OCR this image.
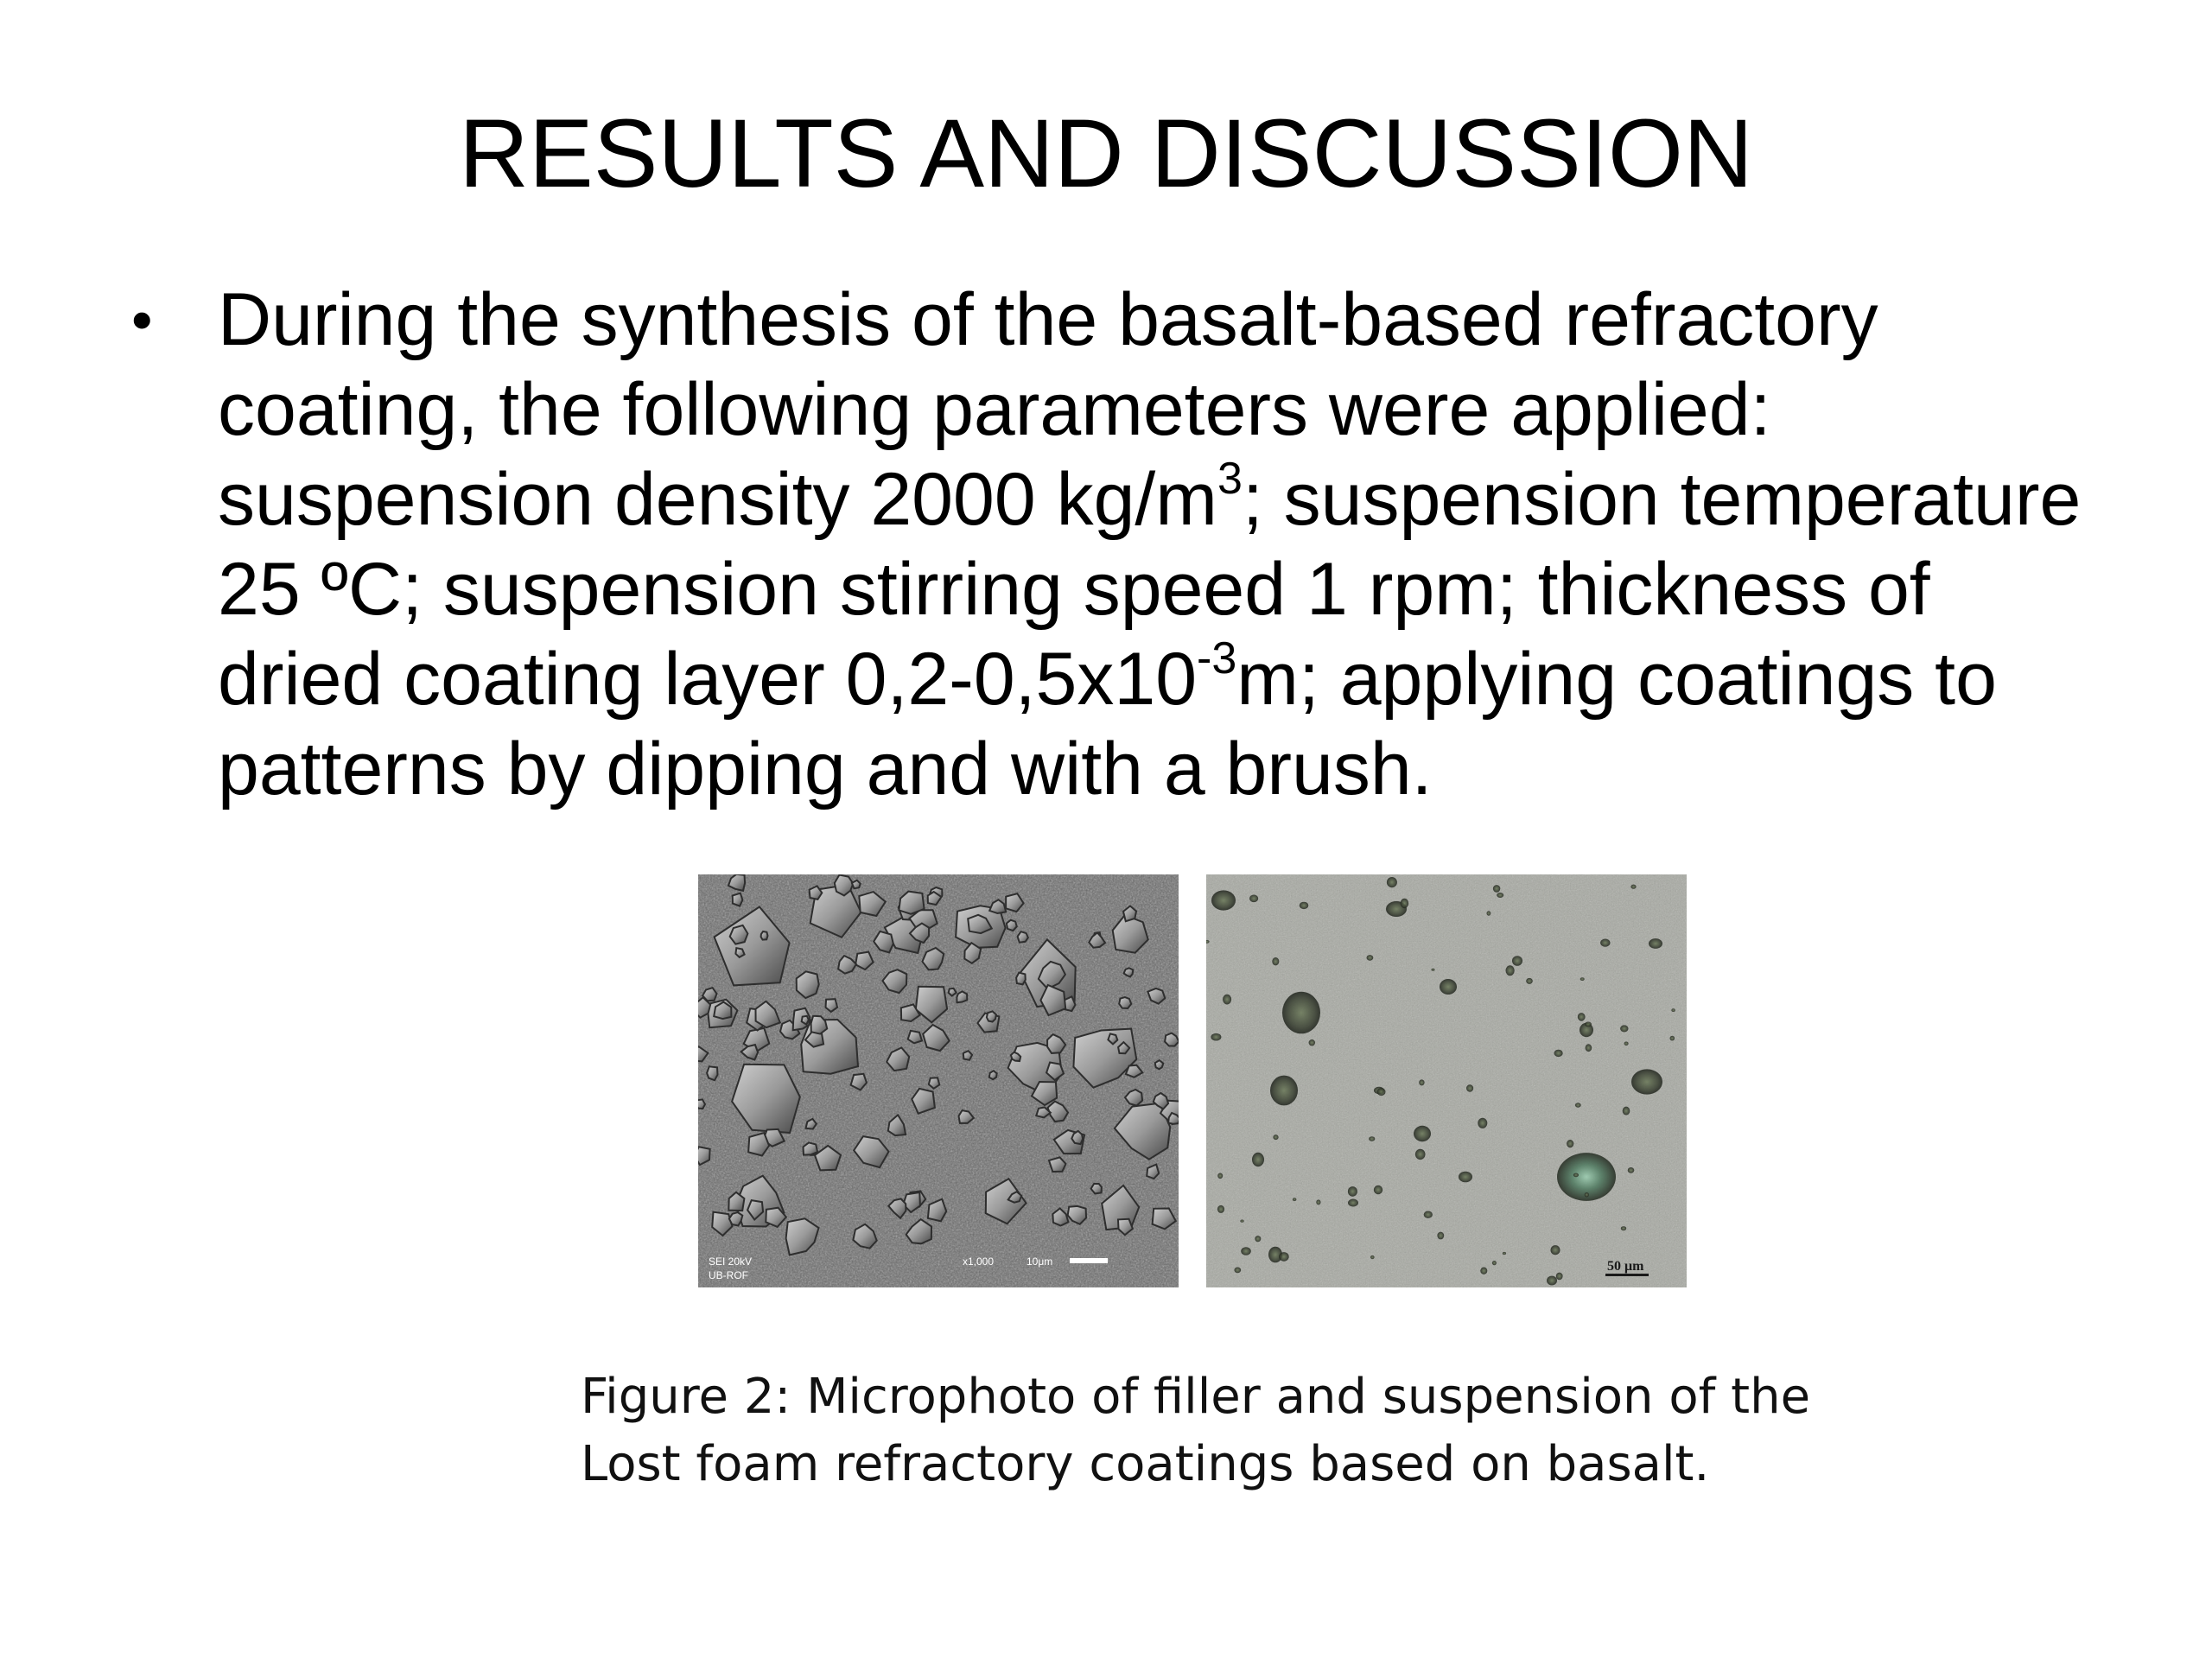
RESULTS AND DISCUSSION
• During the synthesis of the basalt-based refractory coating, the following parameters were applied: suspension density 2000 $kg/m^3$; suspension temperature 25 ºC; suspension stirring speed 1 rpm; thickness of dried coating layer $0,2-0,5x10^{-3}m$; applying coatings to patterns by dipping and with a brush.
SEI 20kV
UB-ROF
x1,000	10μm	50 μm
Figure 2: Microphoto of filler and suspension of the
Lost foam refractory coatings based on basalt.
